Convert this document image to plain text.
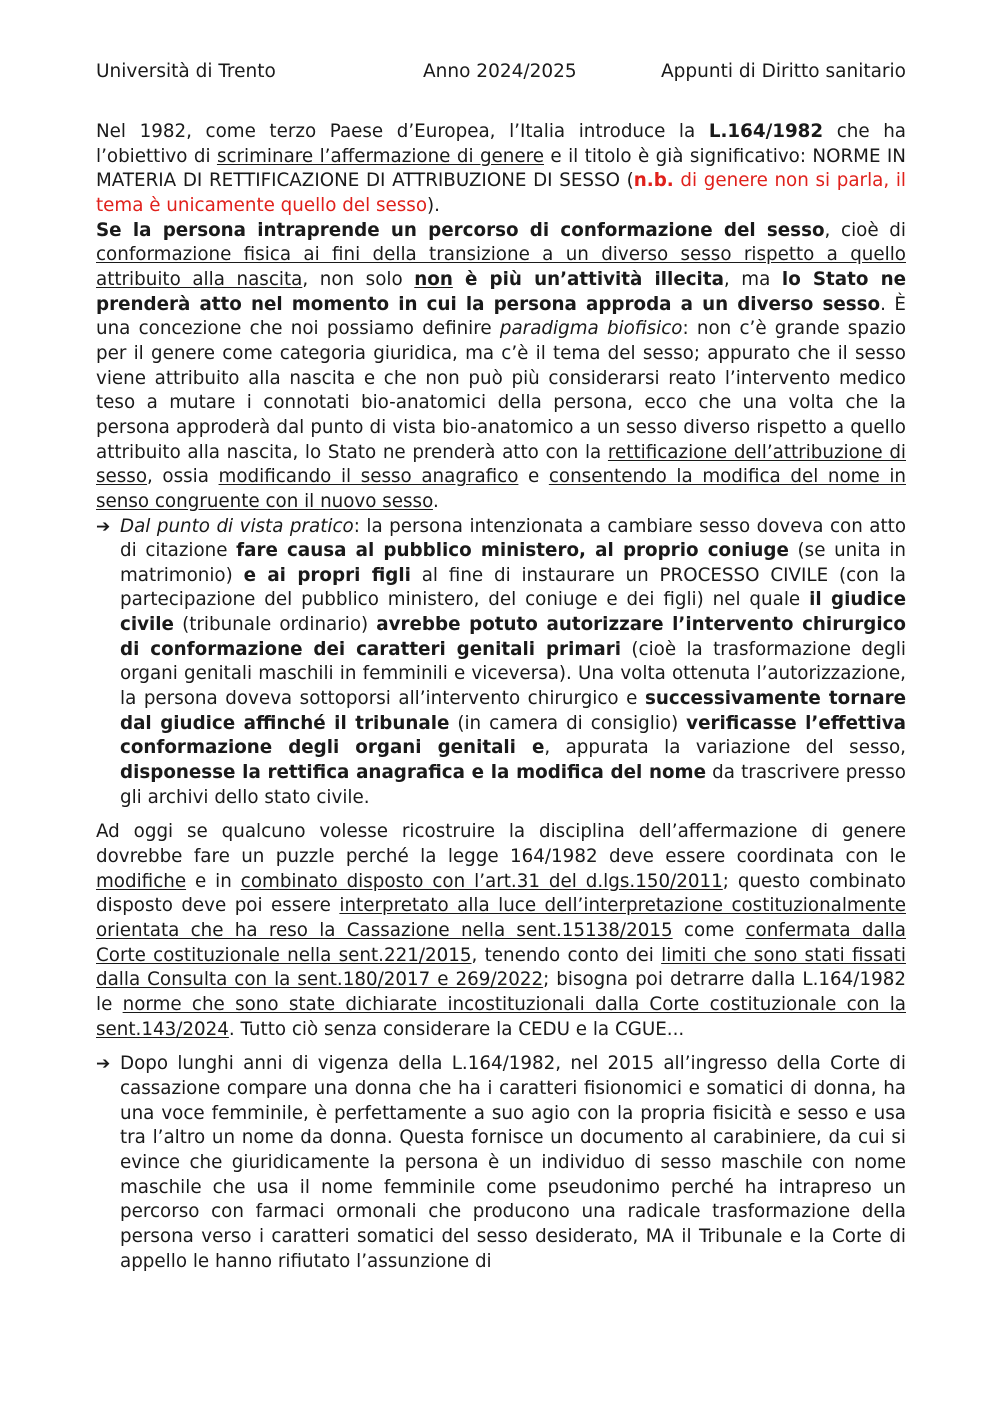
Università di Trento	Anno 2024/2025	Appunti di Diritto sanitario

Nel 1982, come terzo Paese d’Europea, l’Italia introduce la L.164/1982 che ha l’obiettivo di scriminare l’affermazione di genere e il titolo è già significativo: NORME IN MATERIA DI RETTIFICAZIONE DI ATTRIBUZIONE DI SESSO (n.b. di genere non si parla, il tema è unicamente quello del sesso).

Se la persona intraprende un percorso di conformazione del sesso, cioè di conformazione fisica ai fini della transizione a un diverso sesso rispetto a quello attribuito alla nascita, non solo non è più un’attività illecita, ma lo Stato ne prenderà atto nel momento in cui la persona approda a un diverso sesso. È una concezione che noi possiamo definire paradigma biofisico: non c’è grande spazio per il genere come categoria giuridica, ma c’è il tema del sesso; appurato che il sesso viene attribuito alla nascita e che non può più considerarsi reato l’intervento medico teso a mutare i connotati bio-anatomici della persona, ecco che una volta che la persona approderà dal punto di vista bio-anatomico a un sesso diverso rispetto a quello attribuito alla nascita, lo Stato ne prenderà atto con la rettificazione dell’attribuzione di sesso, ossia modificando il sesso anagrafico e consentendo la modifica del nome in senso congruente con il nuovo sesso.

➔ Dal punto di vista pratico: la persona intenzionata a cambiare sesso doveva con atto di citazione fare causa al pubblico ministero, al proprio coniuge (se unita in matrimonio) e ai propri figli al fine di instaurare un PROCESSO CIVILE (con la partecipazione del pubblico ministero, del coniuge e dei figli) nel quale il giudice civile (tribunale ordinario) avrebbe potuto autorizzare l’intervento chirurgico di conformazione dei caratteri genitali primari (cioè la trasformazione degli organi genitali maschili in femminili e viceversa). Una volta ottenuta l’autorizzazione, la persona doveva sottoporsi all’intervento chirurgico e successivamente tornare dal giudice affinché il tribunale (in camera di consiglio) verificasse l’effettiva conformazione degli organi genitali e, appurata la variazione del sesso, disponesse la rettifica anagrafica e la modifica del nome da trascrivere presso gli archivi dello stato civile.

Ad oggi se qualcuno volesse ricostruire la disciplina dell’affermazione di genere dovrebbe fare un puzzle perché la legge 164/1982 deve essere coordinata con le modifiche e in combinato disposto con l’art.31 del d.lgs.150/2011; questo combinato disposto deve poi essere interpretato alla luce dell’interpretazione costituzionalmente orientata che ha reso la Cassazione nella sent.15138/2015 come confermata dalla Corte costituzionale nella sent.221/2015, tenendo conto dei limiti che sono stati fissati dalla Consulta con la sent.180/2017 e 269/2022; bisogna poi detrarre dalla L.164/1982 le norme che sono state dichiarate incostituzionali dalla Corte costituzionale con la sent.143/2024. Tutto ciò senza considerare la CEDU e la CGUE...

➔ Dopo lunghi anni di vigenza della L.164/1982, nel 2015 all’ingresso della Corte di cassazione compare una donna che ha i caratteri fisionomici e somatici di donna, ha una voce femminile, è perfettamente a suo agio con la propria fisicità e sesso e usa tra l’altro un nome da donna. Questa fornisce un documento al carabiniere, da cui si evince che giuridicamente la persona è un individuo di sesso maschile con nome maschile che usa il nome femminile come pseudonimo perché ha intrapreso un percorso con farmaci ormonali che producono una radicale trasformazione della persona verso i caratteri somatici del sesso desiderato, MA il Tribunale e la Corte di appello le hanno rifiutato l’assunzione di
